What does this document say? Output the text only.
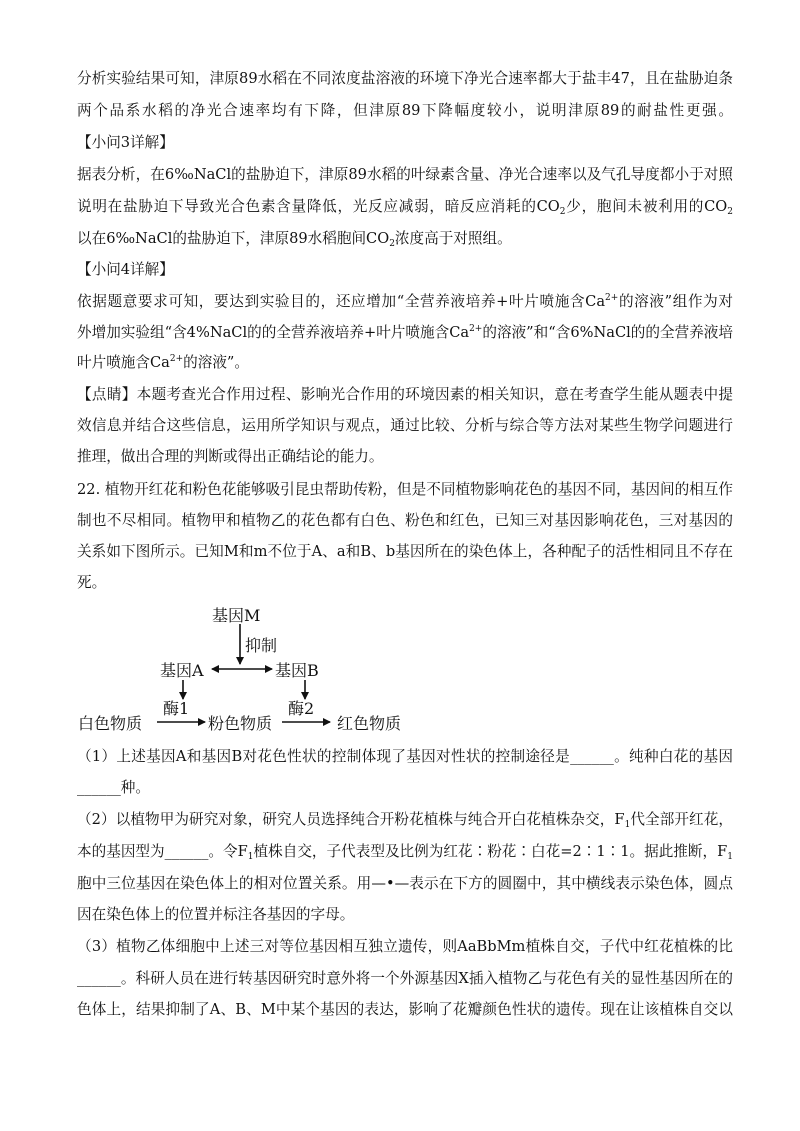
分析实验结果可知，津原89水稻在不同浓度盐溶液的环境下净光合速率都大于盐丰47，且在盐胁迫条
两个品系水稻的净光合速率均有下降，但津原89下降幅度较小，说明津原89的耐盐性更强。
【小问3详解】
据表分析，在6‰NaCl的盐胁迫下，津原89水稻的叶绿素含量、净光合速率以及气孔导度都小于对照
说明在盐胁迫下导致光合色素含量降低，光反应减弱，暗反应消耗的$CO_2$少，胞间未被利用的$CO_2$
以在6‰NaCl的盐胁迫下，津原89水稻胞间$CO_2$浓度高于对照组。
【小问4详解】
依据题意要求可知，要达到实验目的，还应增加“全营养液培养+叶片喷施含$Ca^{2+}$的溶液”组作为对
外增加实验组“含4%NaCl的的全营养液培养+叶片喷施含$Ca^{2+}$的溶液”和“含6%NaCl的的全营养液培
叶片喷施含$Ca^{2+}$的溶液”。
【点睛】本题考查光合作用过程、影响光合作用的环境因素的相关知识，意在考查学生能从题表中提
效信息并结合这些信息，运用所学知识与观点，通过比较、分析与综合等方法对某些生物学问题进行
推理，做出合理的判断或得出正确结论的能力。
22. 植物开红花和粉色花能够吸引昆虫帮助传粉，但是不同植物影响花色的基因不同，基因间的相互作
制也不尽相同。植物甲和植物乙的花色都有白色、粉色和红色，已知三对基因影响花色，三对基因的
关系如下图所示。已知M和m不位于A、a和B、b基因所在的染色体上，各种配子的活性相同且不存在
死。
（1）上述基因A和基因B对花色性状的控制体现了基因对性状的控制途径是______。纯种白花的基因
______种。
（2）以植物甲为研究对象，研究人员选择纯合开粉花植株与纯合开白花植株杂交，$F_1$代全部开红花，
本的基因型为______。令$F_1$植株自交，子代表型及比例为红花∶粉花∶白花=2∶1∶1。据此推断，$F_1$
胞中三位基因在染色体上的相对位置关系。用—•—表示在下方的圆圈中，其中横线表示染色体，圆点
因在染色体上的位置并标注各基因的字母。
（3）植物乙体细胞中上述三对等位基因相互独立遗传，则AaBbMm植株自交，子代中红花植株的比
______。科研人员在进行转基因研究时意外将一个外源基因X插入植物乙与花色有关的显性基因所在的
色体上，结果抑制了A、B、M中某个基因的表达，影响了花瓣颜色性状的遗传。现在让该植株自交以
基因M
抑制
基因A	基因B
白色物质
酶1
粉色物质
酶2
红色物质
